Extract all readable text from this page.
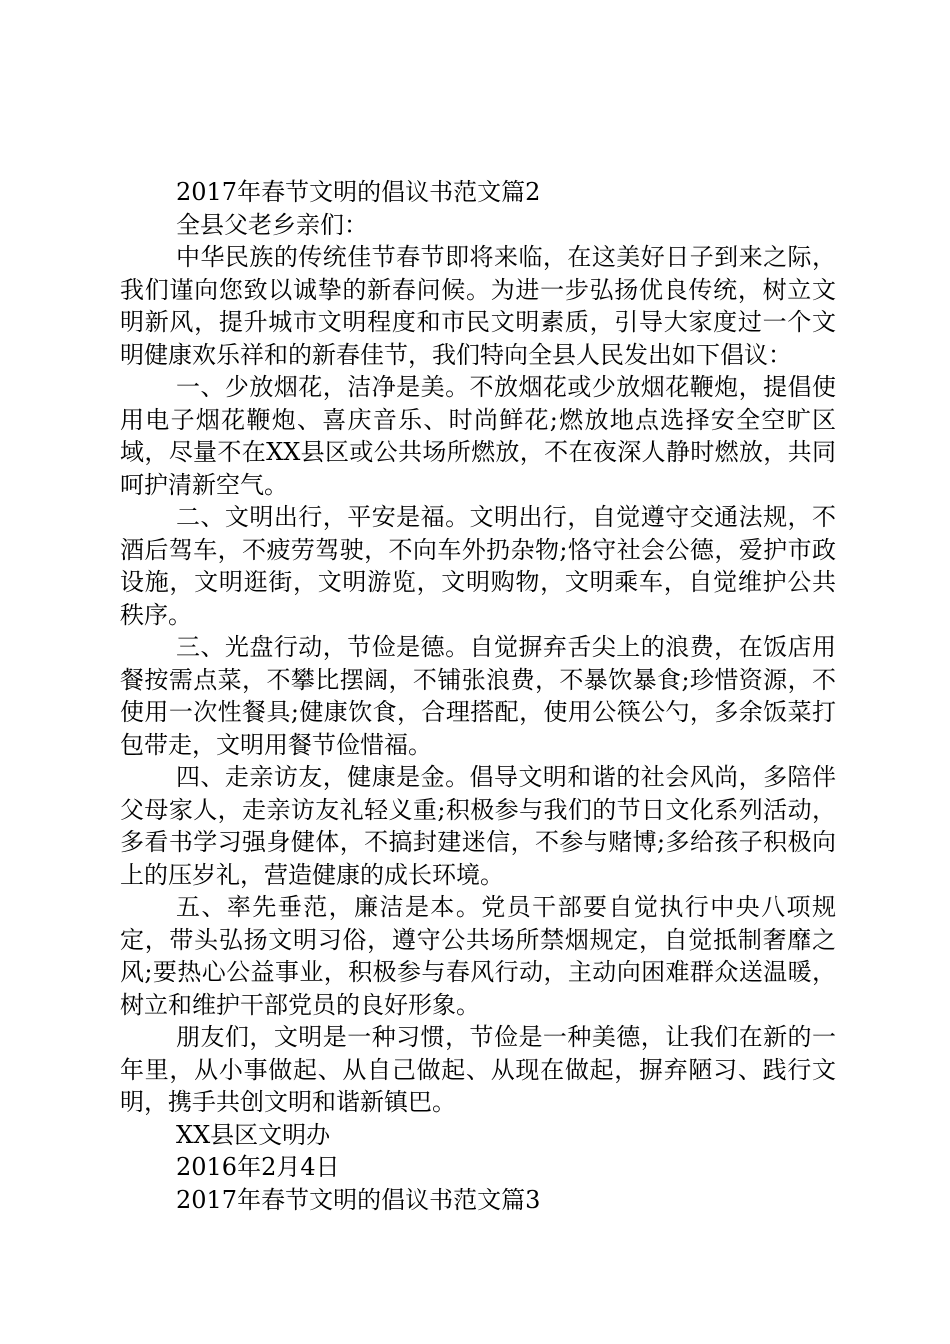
2017年春节文明的倡议书范文篇2
全县父老乡亲们：

中华民族的传统佳节春节即将来临，在这美好日子到来之际，我们谨向您致以诚挚的新春问候。为进一步弘扬优良传统，树立文明新风，提升城市文明程度和市民文明素质，引导大家度过一个文明健康欢乐祥和的新春佳节，我们特向全县人民发出如下倡议：

一、少放烟花，洁净是美。不放烟花或少放烟花鞭炮，提倡使用电子烟花鞭炮、喜庆音乐、时尚鲜花;燃放地点选择安全空旷区域，尽量不在XX县区或公共场所燃放，不在夜深人静时燃放，共同呵护清新空气。

二、文明出行，平安是福。文明出行，自觉遵守交通法规，不酒后驾车，不疲劳驾驶，不向车外扔杂物;恪守社会公德，爱护市政设施，文明逛街，文明游览，文明购物，文明乘车，自觉维护公共秩序。

三、光盘行动，节俭是德。自觉摒弃舌尖上的浪费，在饭店用餐按需点菜，不攀比摆阔，不铺张浪费，不暴饮暴食;珍惜资源，不使用一次性餐具;健康饮食，合理搭配，使用公筷公勺，多余饭菜打包带走，文明用餐节俭惜福。

四、走亲访友，健康是金。倡导文明和谐的社会风尚，多陪伴父母家人，走亲访友礼轻义重;积极参与我们的节日文化系列活动，多看书学习强身健体，不搞封建迷信，不参与赌博;多给孩子积极向上的压岁礼，营造健康的成长环境。

五、率先垂范，廉洁是本。党员干部要自觉执行中央八项规定，带头弘扬文明习俗，遵守公共场所禁烟规定，自觉抵制奢靡之风;要热心公益事业，积极参与春风行动，主动向困难群众送温暖，树立和维护干部党员的良好形象。

朋友们，文明是一种习惯，节俭是一种美德，让我们在新的一年里，从小事做起、从自己做起、从现在做起，摒弃陋习、践行文明，携手共创文明和谐新镇巴。

XX县区文明办
2016年2月4日
2017年春节文明的倡议书范文篇3
